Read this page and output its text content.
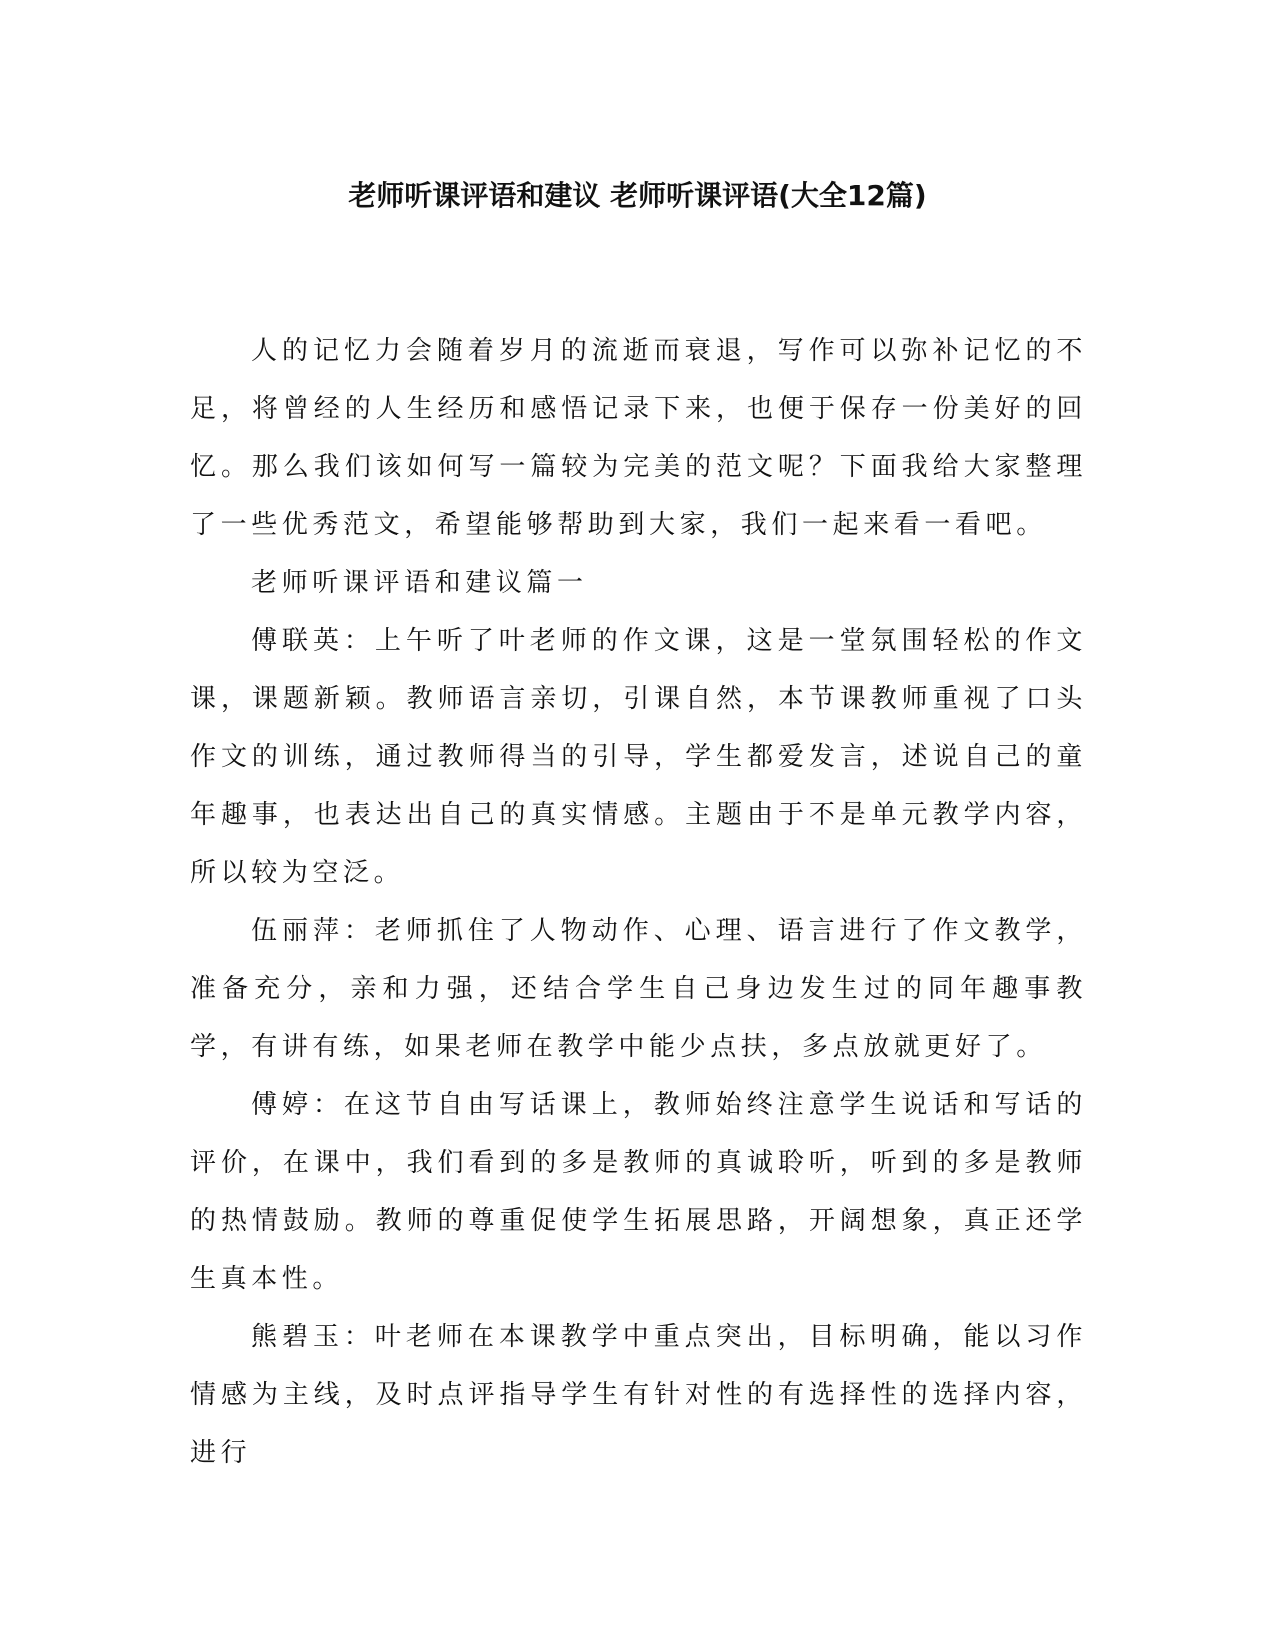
老师听课评语和建议 老师听课评语(大全12篇)

人的记忆力会随着岁月的流逝而衰退，写作可以弥补记忆的不足，将曾经的人生经历和感悟记录下来，也便于保存一份美好的回忆。那么我们该如何写一篇较为完美的范文呢？下面我给大家整理了一些优秀范文，希望能够帮助到大家，我们一起来看一看吧。

老师听课评语和建议篇一

傅联英：上午听了叶老师的作文课，这是一堂氛围轻松的作文课，课题新颖。教师语言亲切，引课自然，本节课教师重视了口头作文的训练，通过教师得当的引导，学生都爱发言，述说自己的童年趣事，也表达出自己的真实情感。主题由于不是单元教学内容，所以较为空泛。

伍丽萍：老师抓住了人物动作、心理、语言进行了作文教学，准备充分，亲和力强，还结合学生自己身边发生过的同年趣事教学，有讲有练，如果老师在教学中能少点扶，多点放就更好了。

傅婷：在这节自由写话课上，教师始终注意学生说话和写话的评价，在课中，我们看到的多是教师的真诚聆听，听到的多是教师的热情鼓励。教师的尊重促使学生拓展思路，开阔想象，真正还学生真本性。

熊碧玉：叶老师在本课教学中重点突出，目标明确，能以习作情感为主线，及时点评指导学生有针对性的有选择性的选择内容，进行
